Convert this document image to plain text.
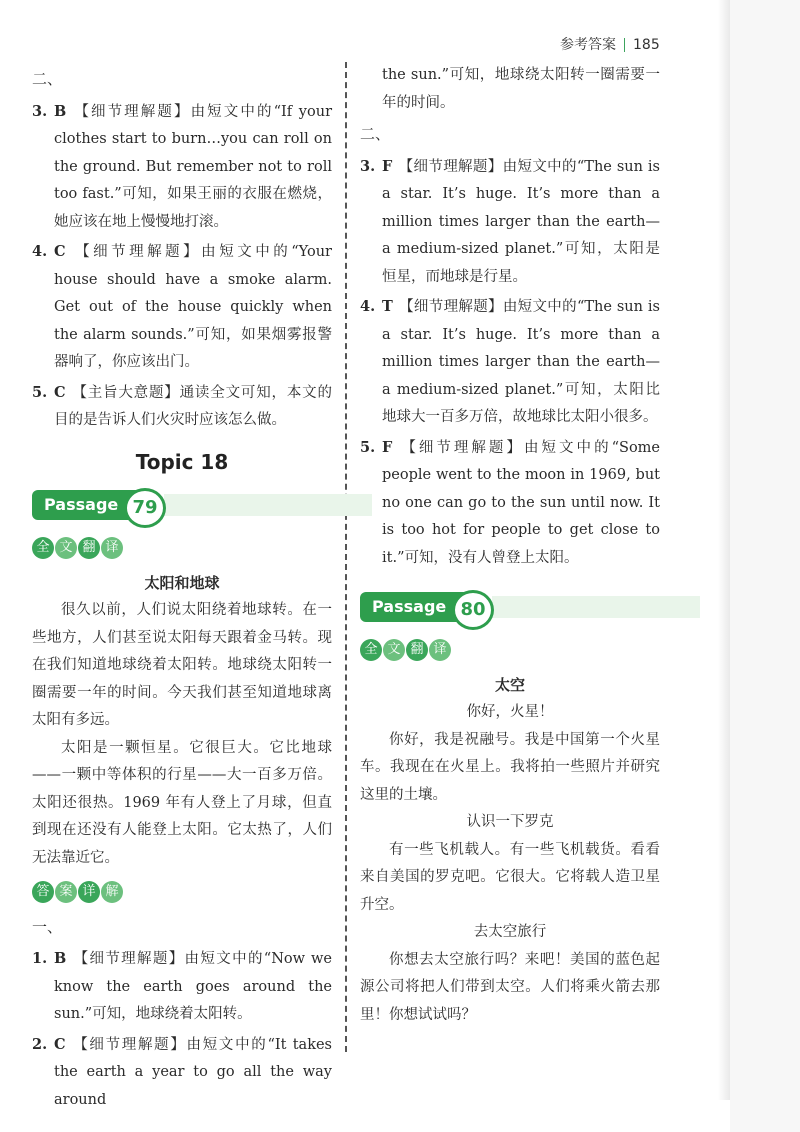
参考答案 185
二、
3. B 【细节理解题】由短文中的“If your clothes start to burn…you can roll on the ground. But remember not to roll too fast.”可知，如果王丽的衣服在燃烧，她应该在地上慢慢地打滚。
4. C 【细节理解题】由短文中的“Your house should have a smoke alarm. Get out of the house quickly when the alarm sounds.”可知，如果烟雾报警器响了，你应该出门。
5. C 【主旨大意题】通读全文可知，本文的目的是告诉人们火灾时应该怎么做。
Topic 18
Passage 79
全 文 翻 译
太阳和地球
很久以前，人们说太阳绕着地球转。在一些地方，人们甚至说太阳每天跟着金马转。现在我们知道地球绕着太阳转。地球绕太阳转一圈需要一年的时间。今天我们甚至知道地球离太阳有多远。
太阳是一颗恒星。它很巨大。它比地球——一颗中等体积的行星——大一百多万倍。太阳还很热。1969 年有人登上了月球，但直到现在还没有人能登上太阳。它太热了，人们无法靠近它。
答 案 详 解
一、
1. B 【细节理解题】由短文中的“Now we know the earth goes around the sun.”可知，地球绕着太阳转。
2. C 【细节理解题】由短文中的“It takes the earth a year to go all the way around
the sun.”可知，地球绕太阳转一圈需要一年的时间。
二、
3. F 【细节理解题】由短文中的“The sun is a star. It’s huge. It’s more than a million times larger than the earth—a medium-sized planet.”可知，太阳是恒星，而地球是行星。
4. T 【细节理解题】由短文中的“The sun is a star. It’s huge. It’s more than a million times larger than the earth—a medium-sized planet.”可知，太阳比地球大一百多万倍，故地球比太阳小很多。
5. F 【细节理解题】由短文中的“Some people went to the moon in 1969, but no one can go to the sun until now. It is too hot for people to get close to it.”可知，没有人曾登上太阳。
Passage 80
全 文 翻 译
太空
你好，火星！
你好，我是祝融号。我是中国第一个火星车。我现在在火星上。我将拍一些照片并研究这里的土壤。
认识一下罗克
有一些飞机载人。有一些飞机载货。看看来自美国的罗克吧。它很大。它将载人造卫星升空。
去太空旅行
你想去太空旅行吗？来吧！美国的蓝色起源公司将把人们带到太空。人们将乘火箭去那里！你想试试吗？
